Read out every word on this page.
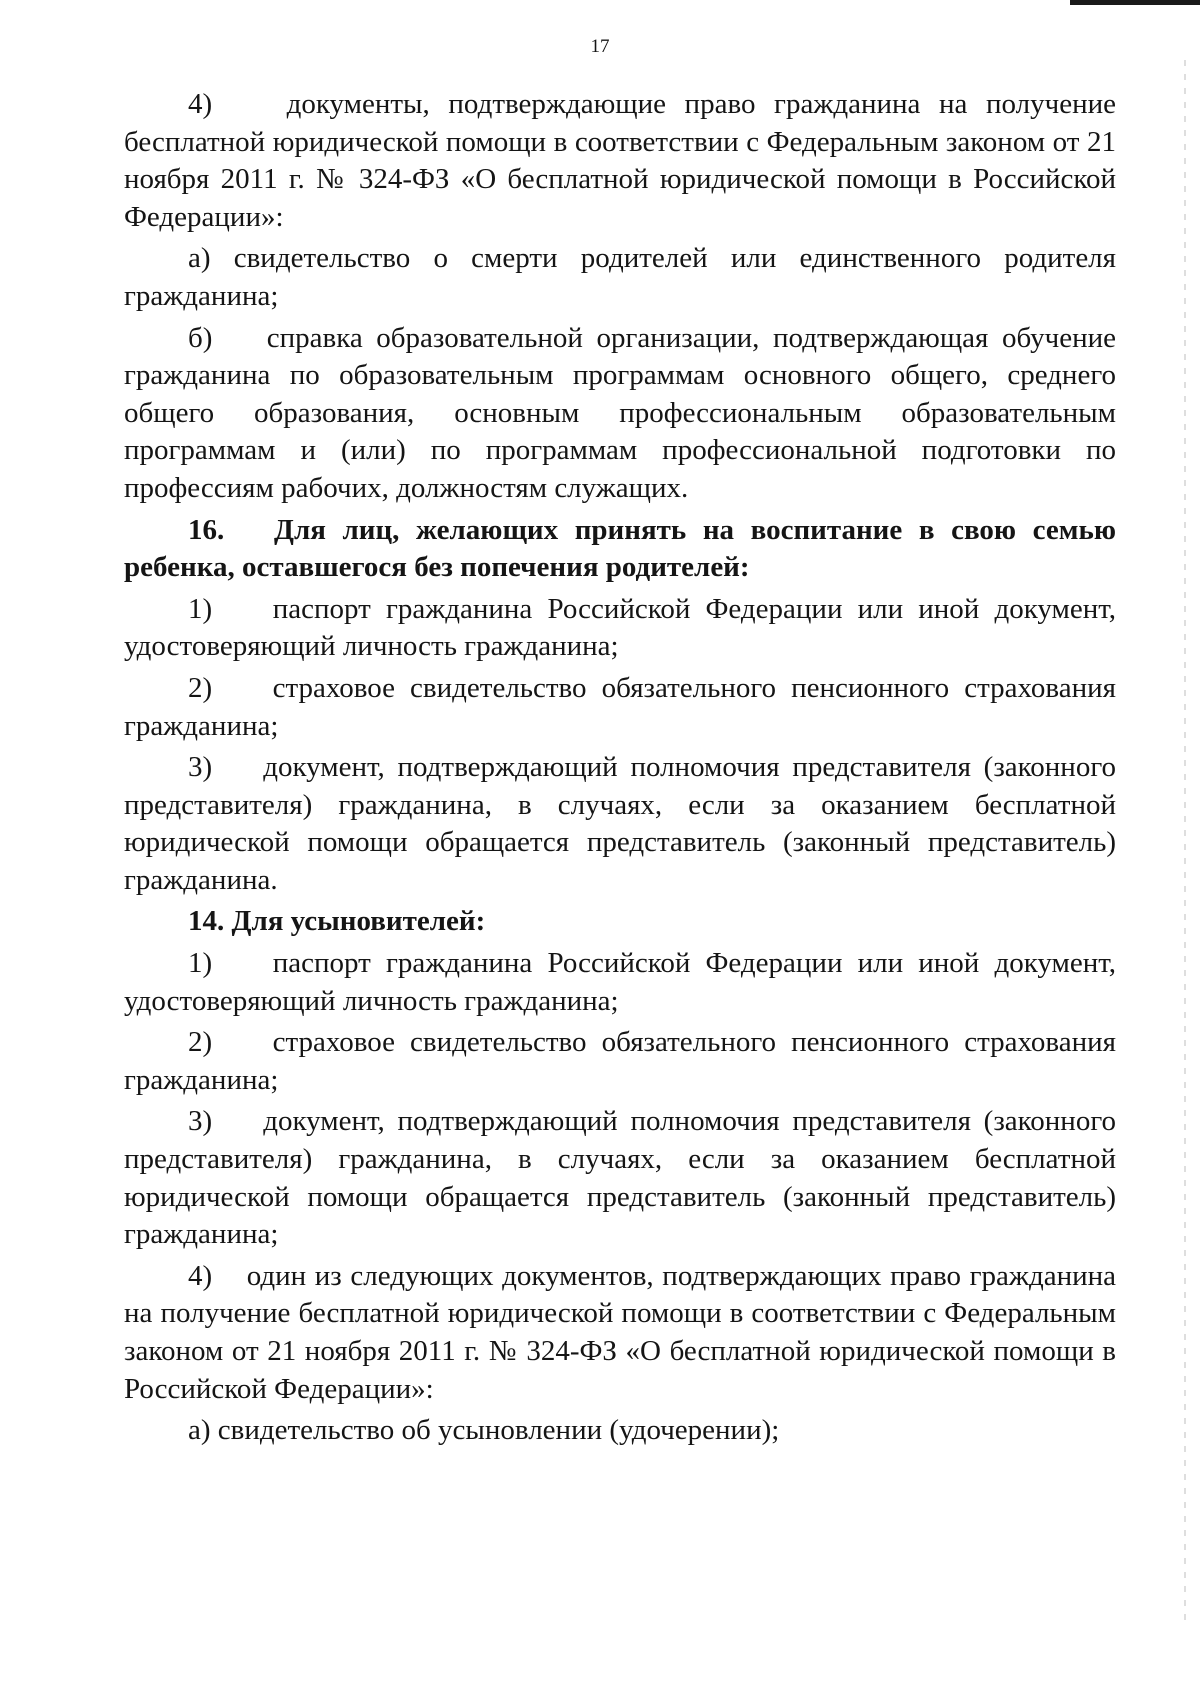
17

4)    документы, подтверждающие право гражданина на получение бесплатной юридической помощи в соответствии с Федеральным законом от 21 ноября 2011 г. № 324-ФЗ «О бесплатной юридической помощи в Российской Федерации»:

а) свидетельство о смерти родителей или единственного родителя гражданина;

б)    справка образовательной организации, подтверждающая обучение гражданина по образовательным программам основного общего, среднего общего образования, основным профессиональным образовательным программам и (или) по программам профессиональной подготовки по профессиям рабочих, должностям служащих.

16.   Для лиц, желающих принять на воспитание в свою семью ребенка, оставшегося без попечения родителей:

1)    паспорт гражданина Российской Федерации или иной документ, удостоверяющий личность гражданина;

2)    страховое свидетельство обязательного пенсионного страхования гражданина;

3)    документ, подтверждающий полномочия представителя (законного представителя) гражданина, в случаях, если за оказанием бесплатной юридической помощи обращается представитель (законный представитель) гражданина.

14. Для усыновителей:

1)    паспорт гражданина Российской Федерации или иной документ, удостоверяющий личность гражданина;

2)    страховое свидетельство обязательного пенсионного страхования гражданина;

3)    документ, подтверждающий полномочия представителя (законного представителя) гражданина, в случаях, если за оказанием бесплатной юридической помощи обращается представитель (законный представитель) гражданина;

4)    один из следующих документов, подтверждающих право гражданина на получение бесплатной юридической помощи в соответствии с Федеральным законом от 21 ноября 2011 г. № 324-ФЗ «О бесплатной юридической помощи в Российской Федерации»:

а) свидетельство об усыновлении (удочерении);
